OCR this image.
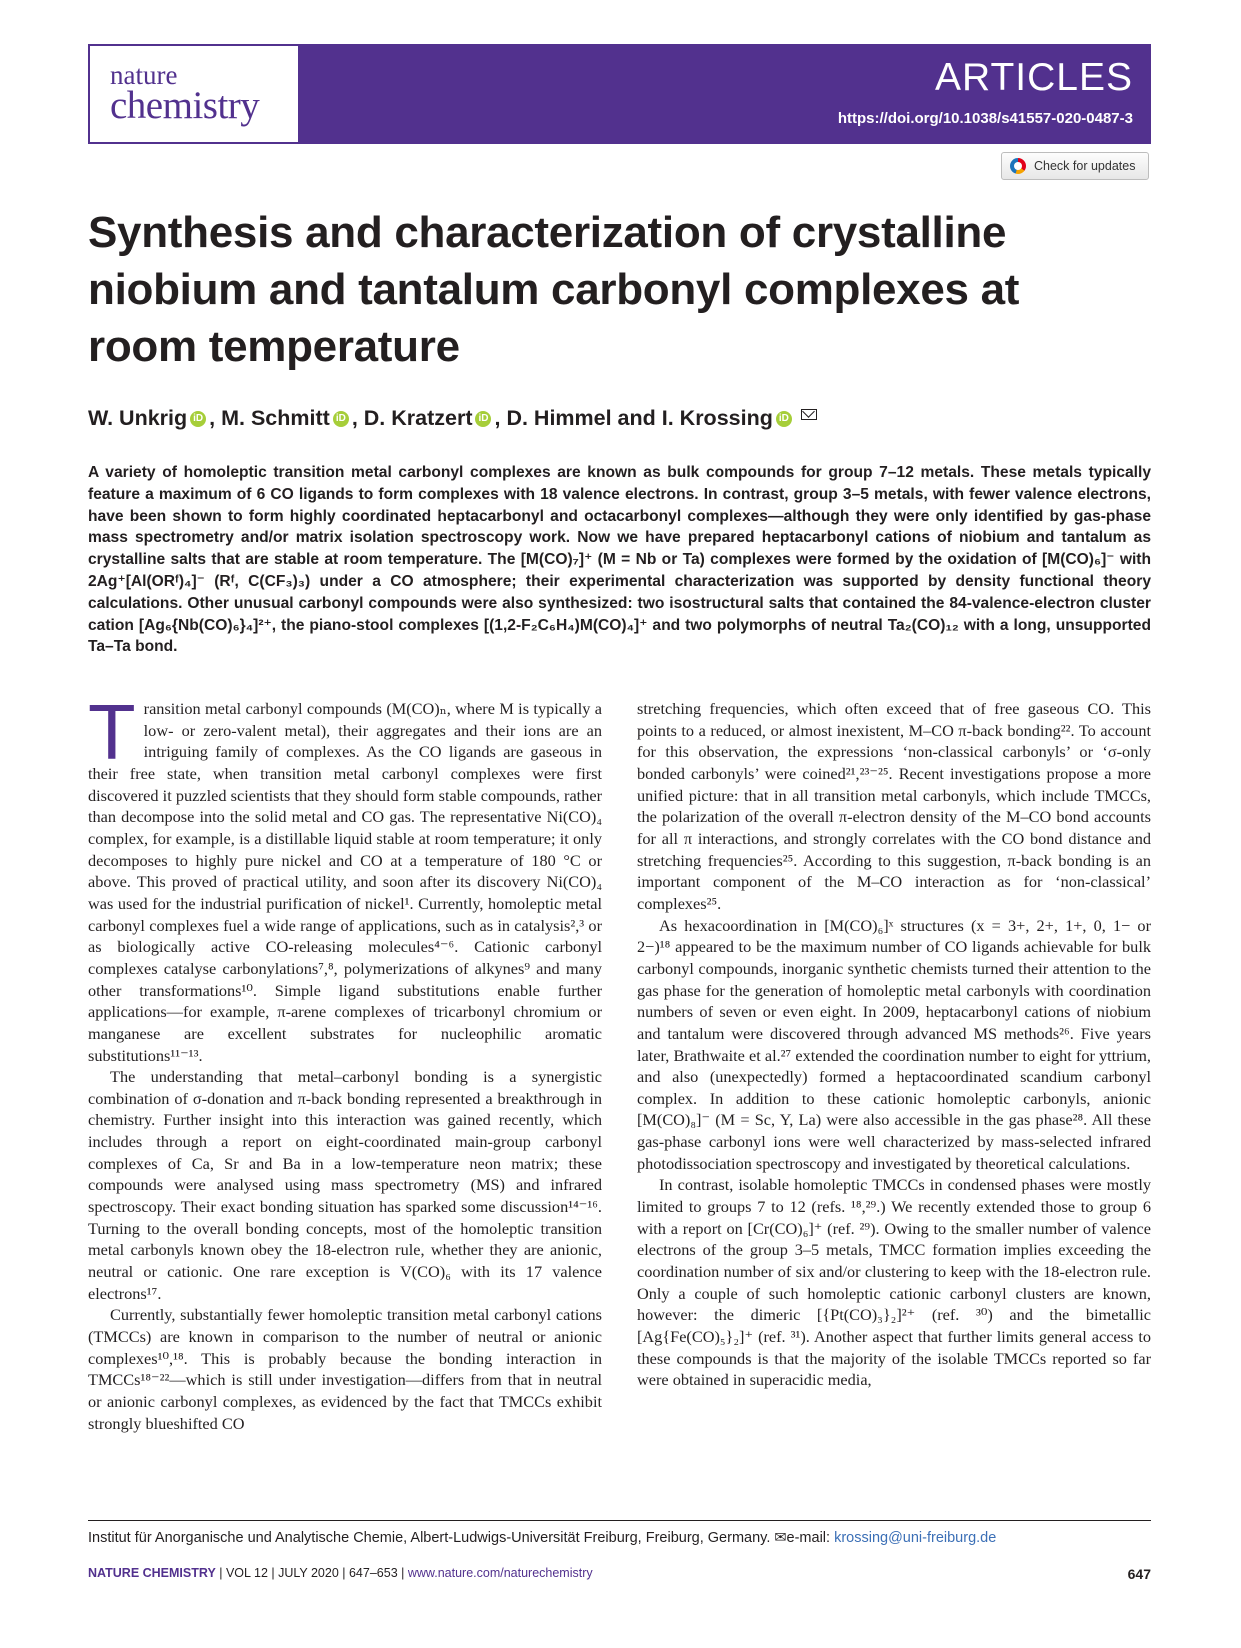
nature
chemistry
ARTICLES
https://doi.org/10.1038/s41557-020-0487-3
Check for updates
Synthesis and characterization of crystalline niobium and tantalum carbonyl complexes at room temperature
W. Unkrig iD , M. Schmitt iD , D. Kratzert iD , D. Himmel and I. Krossing iD
A variety of homoleptic transition metal carbonyl complexes are known as bulk compounds for group 7–12 metals. These metals typically feature a maximum of 6 CO ligands to form complexes with 18 valence electrons. In contrast, group 3–5 metals, with fewer valence electrons, have been shown to form highly coordinated heptacarbonyl and octacarbonyl complexes—although they were only identified by gas-phase mass spectrometry and/or matrix isolation spectroscopy work. Now we have prepared heptacarbonyl cations of niobium and tantalum as crystalline salts that are stable at room temperature. The [M(CO)₇]⁺ (M = Nb or Ta) complexes were formed by the oxidation of [M(CO)₆]⁻ with 2Ag⁺[Al(ORᶠ)₄]⁻ (Rᶠ, C(CF₃)₃) under a CO atmosphere; their experimental characterization was supported by density functional theory calculations. Other unusual carbonyl compounds were also synthesized: two isostructural salts that contained the 84-valence-electron cluster cation [Ag₆{Nb(CO)₆}₄]²⁺, the piano-stool complexes [(1,2-F₂C₆H₄)M(CO)₄]⁺ and two polymorphs of neutral Ta₂(CO)₁₂ with a long, unsupported Ta–Ta bond.

Transition metal carbonyl compounds (M(CO)ₙ, where M is typically a low- or zero-valent metal), their aggregates and their ions are an intriguing family of complexes. As the CO ligands are gaseous in their free state, when transition metal carbonyl complexes were first discovered it puzzled scientists that they should form stable compounds, rather than decompose into the solid metal and CO gas. The representative Ni(CO)₄ complex, for example, is a distillable liquid stable at room temperature; it only decomposes to highly pure nickel and CO at a temperature of 180 °C or above. This proved of practical utility, and soon after its discovery Ni(CO)₄ was used for the industrial purification of nickel¹. Currently, homoleptic metal carbonyl complexes fuel a wide range of applications, such as in catalysis²,³ or as biologically active CO-releasing molecules⁴⁻⁶. Cationic carbonyl complexes catalyse carbonylations⁷,⁸, polymerizations of alkynes⁹ and many other transformations¹⁰. Simple ligand substitutions enable further applications—for example, π-arene complexes of tricarbonyl chromium or manganese are excellent substrates for nucleophilic aromatic substitutions¹¹⁻¹³.

The understanding that metal–carbonyl bonding is a synergistic combination of σ-donation and π-back bonding represented a breakthrough in chemistry. Further insight into this interaction was gained recently, which includes through a report on eight-coordinated main-group carbonyl complexes of Ca, Sr and Ba in a low-temperature neon matrix; these compounds were analysed using mass spectrometry (MS) and infrared spectroscopy. Their exact bonding situation has sparked some discussion¹⁴⁻¹⁶. Turning to the overall bonding concepts, most of the homoleptic transition metal carbonyls known obey the 18-electron rule, whether they are anionic, neutral or cationic. One rare exception is V(CO)₆ with its 17 valence electrons¹⁷.

Currently, substantially fewer homoleptic transition metal carbonyl cations (TMCCs) are known in comparison to the number of neutral or anionic complexes¹⁰,¹⁸. This is probably because the bonding interaction in TMCCs¹⁸⁻²²—which is still under investigation—differs from that in neutral or anionic carbonyl complexes, as evidenced by the fact that TMCCs exhibit strongly blueshifted CO

stretching frequencies, which often exceed that of free gaseous CO. This points to a reduced, or almost inexistent, M–CO π-back bonding²². To account for this observation, the expressions ‘non-classical carbonyls’ or ‘σ-only bonded carbonyls’ were coined²¹,²³⁻²⁵. Recent investigations propose a more unified picture: that in all transition metal carbonyls, which include TMCCs, the polarization of the overall π-electron density of the M–CO bond accounts for all π interactions, and strongly correlates with the CO bond distance and stretching frequencies²⁵. According to this suggestion, π-back bonding is an important component of the M–CO interaction as for ‘non-classical’ complexes²⁵.

As hexacoordination in [M(CO)₆]ˣ structures (x = 3+, 2+, 1+, 0, 1− or 2−)¹⁸ appeared to be the maximum number of CO ligands achievable for bulk carbonyl compounds, inorganic synthetic chemists turned their attention to the gas phase for the generation of homoleptic metal carbonyls with coordination numbers of seven or even eight. In 2009, heptacarbonyl cations of niobium and tantalum were discovered through advanced MS methods²⁶. Five years later, Brathwaite et al.²⁷ extended the coordination number to eight for yttrium, and also (unexpectedly) formed a heptacoordinated scandium carbonyl complex. In addition to these cationic homoleptic carbonyls, anionic [M(CO)₈]⁻ (M = Sc, Y, La) were also accessible in the gas phase²⁸. All these gas-phase carbonyl ions were well characterized by mass-selected infrared photodissociation spectroscopy and investigated by theoretical calculations.

In contrast, isolable homoleptic TMCCs in condensed phases were mostly limited to groups 7 to 12 (refs. ¹⁸,²⁹.) We recently extended those to group 6 with a report on [Cr(CO)₆]⁺ (ref. ²⁹). Owing to the smaller number of valence electrons of the group 3–5 metals, TMCC formation implies exceeding the coordination number of six and/or clustering to keep with the 18-electron rule. Only a couple of such homoleptic cationic carbonyl clusters are known, however: the dimeric [{Pt(CO)₃}₂]²⁺ (ref. ³⁰) and the bimetallic [Ag{Fe(CO)₅}₂]⁺ (ref. ³¹). Another aspect that further limits general access to these compounds is that the majority of the isolable TMCCs reported so far were obtained in superacidic media,

Institut für Anorganische und Analytische Chemie, Albert-Ludwigs-Universität Freiburg, Freiburg, Germany. ✉e-mail: krossing@uni-freiburg.de
NATURE CHEMISTRY | VOL 12 | JULY 2020 | 647–653 | www.nature.com/naturechemistry	647
